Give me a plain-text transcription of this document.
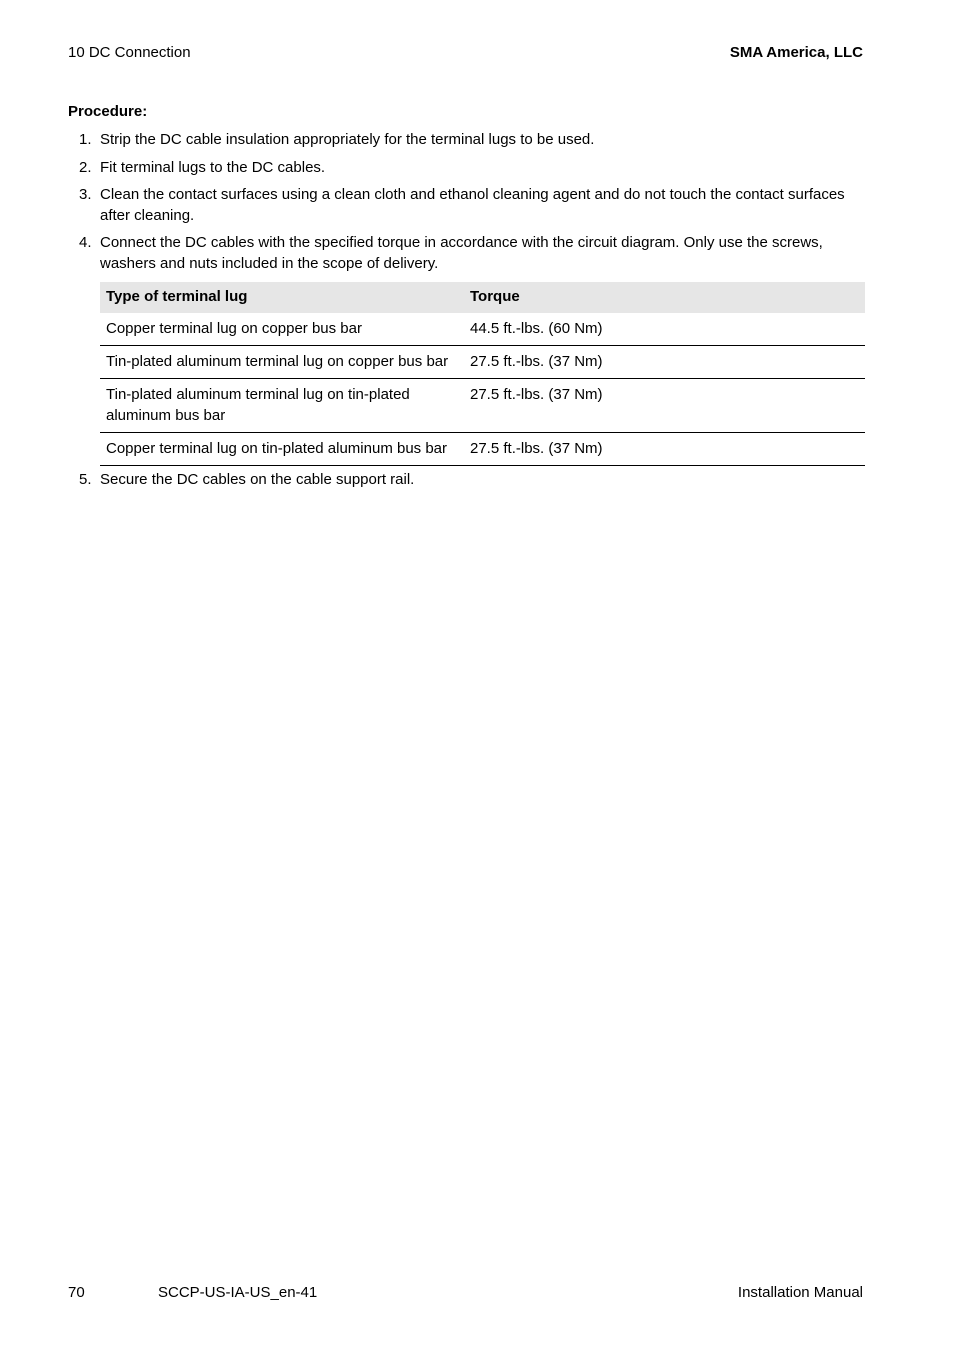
10 DC Connection	SMA America, LLC
Procedure:
1. Strip the DC cable insulation appropriately for the terminal lugs to be used.
2. Fit terminal lugs to the DC cables.
3. Clean the contact surfaces using a clean cloth and ethanol cleaning agent and do not touch the contact surfaces after cleaning.
4. Connect the DC cables with the specified torque in accordance with the circuit diagram. Only use the screws, washers and nuts included in the scope of delivery.
Type of terminal lug	Torque
Copper terminal lug on copper bus bar	44.5 ft.-lbs. (60 Nm)
Tin-plated aluminum terminal lug on copper bus bar	27.5 ft.-lbs. (37 Nm)
Tin-plated aluminum terminal lug on tin-plated aluminum bus bar	27.5 ft.-lbs. (37 Nm)
Copper terminal lug on tin-plated aluminum bus bar	27.5 ft.-lbs. (37 Nm)
5. Secure the DC cables on the cable support rail.
70	SCCP-US-IA-US_en-41	Installation Manual
